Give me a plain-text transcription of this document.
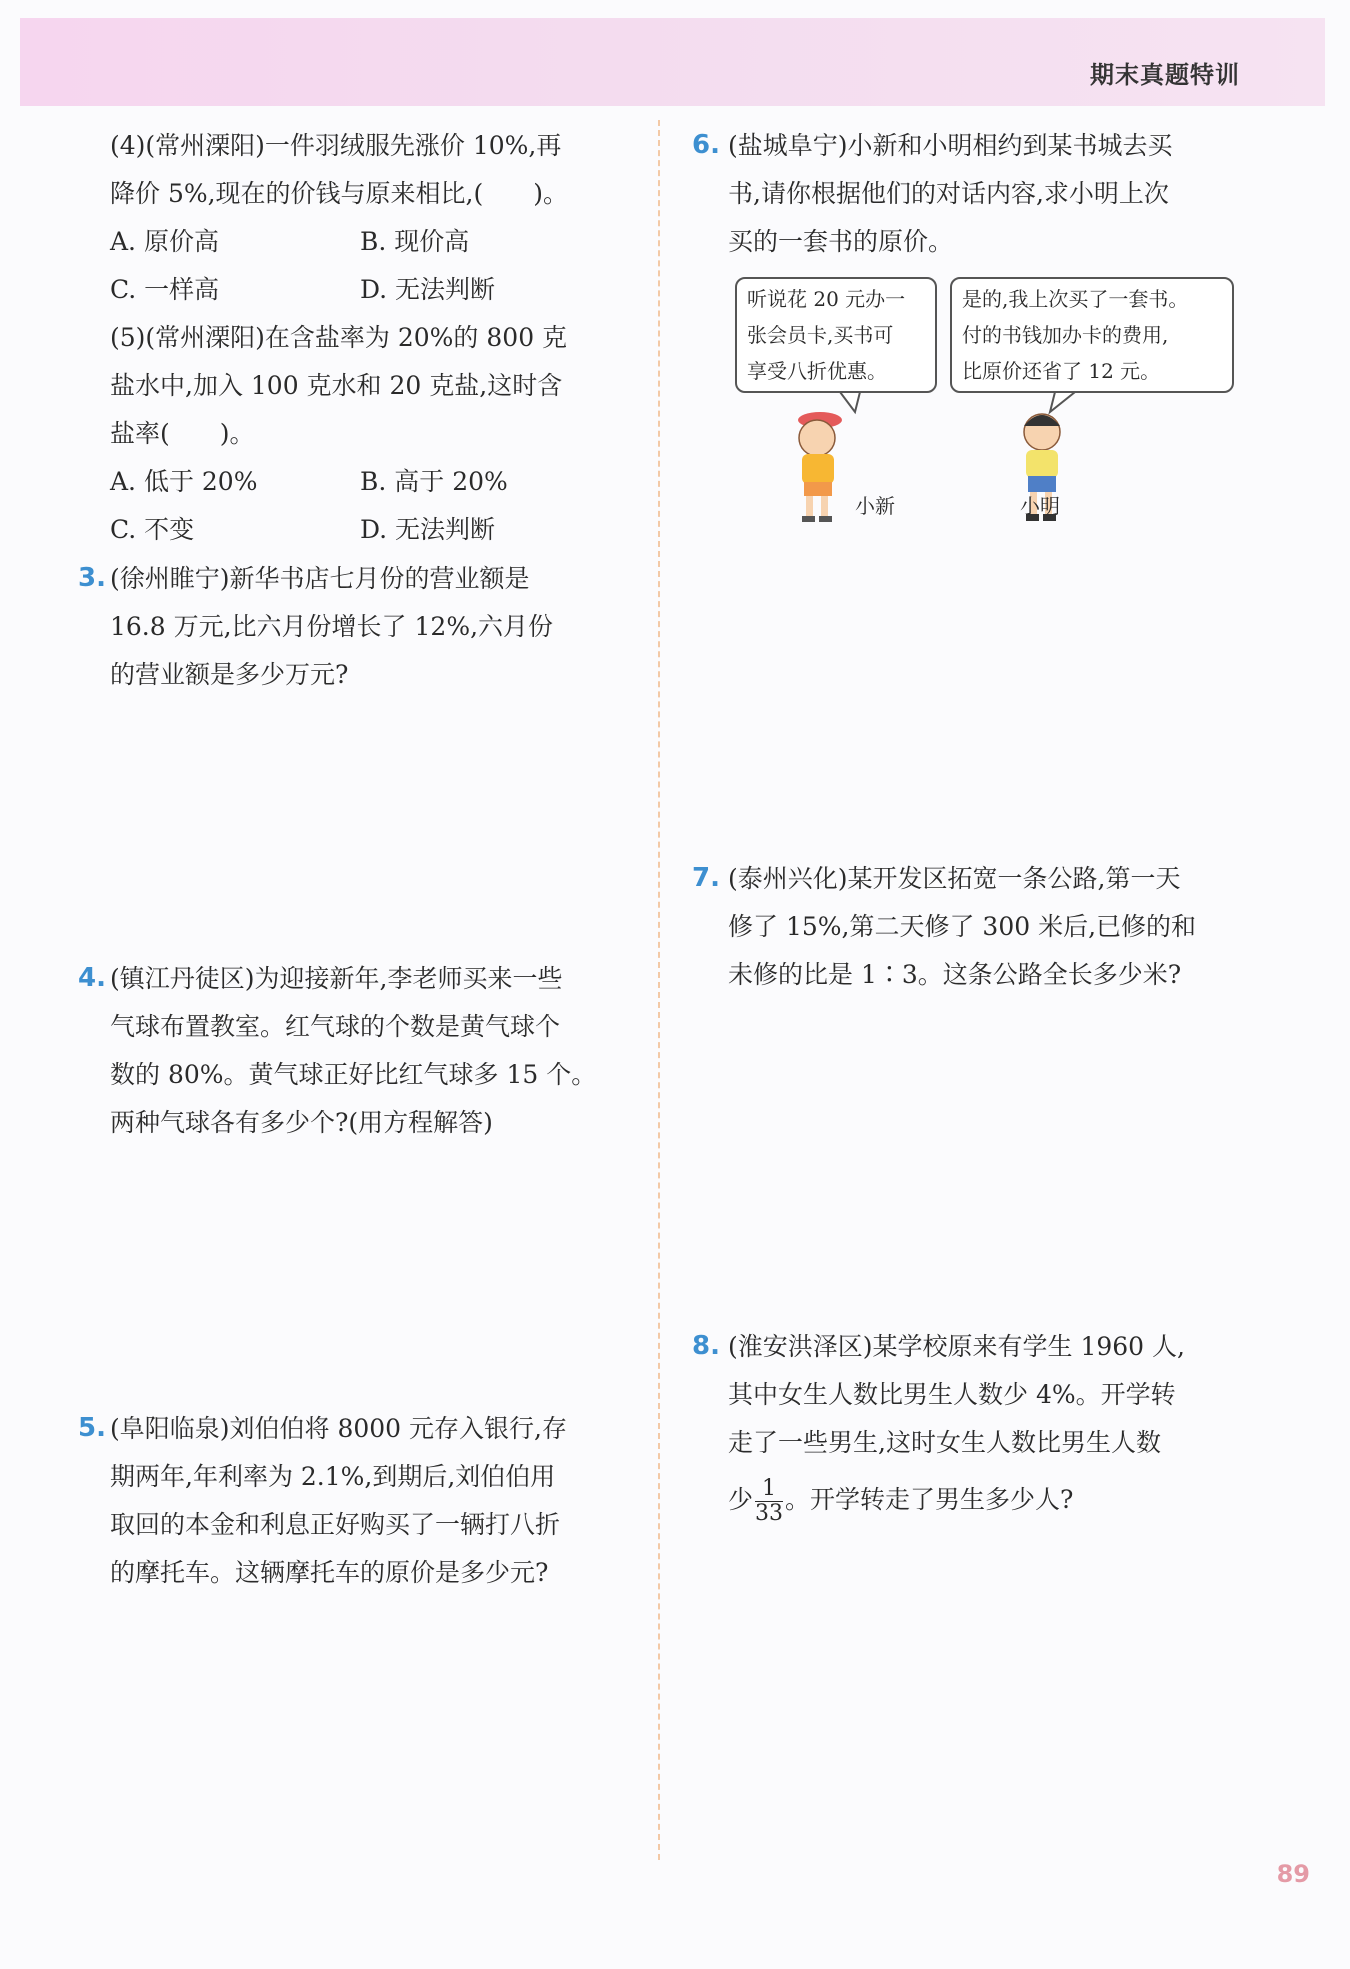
期末真题特训

(4)(常州溧阳)一件羽绒服先涨价 10%,再

降价 5%,现在的价钱与原来相比,(　　)。

A. 原价高	B. 现价高
C. 一样高	D. 无法判断

(5)(常州溧阳)在含盐率为 20%的 800 克

盐水中,加入 100 克水和 20 克盐,这时含

盐率(　　)。

A. 低于 20%	B. 高于 20%
C. 不变	D. 无法判断
3. (徐州睢宁)新华书店七月份的营业额是

16.8 万元,比六月份增长了 12%,六月份

的营业额是多少万元?

4. (镇江丹徒区)为迎接新年,李老师买来一些

气球布置教室。红气球的个数是黄气球个

数的 80%。黄气球正好比红气球多 15 个。

两种气球各有多少个?(用方程解答)

5. (阜阳临泉)刘伯伯将 8000 元存入银行,存

期两年,年利率为 2.1%,到期后,刘伯伯用

取回的本金和利息正好购买了一辆打八折

的摩托车。这辆摩托车的原价是多少元?

6. (盐城阜宁)小新和小明相约到某书城去买

书,请你根据他们的对话内容,求小明上次

买的一套书的原价。

听说花 20 元办一
张会员卡,买书可
享受八折优惠。
是的,我上次买了一套书。
付的书钱加办卡的费用,
比原价还省了 12 元。
小新	小明
7. (泰州兴化)某开发区拓宽一条公路,第一天

修了 15%,第二天修了 300 米后,已修的和

未修的比是 1∶3。这条公路全长多少米?

8. (淮安洪泽区)某学校原来有学生 1960 人,

其中女生人数比男生人数少 4%。开学转

走了一些男生,这时女生人数比男生人数

少 $\frac{1}{33}$ 。开学转走了男生多少人?

89
